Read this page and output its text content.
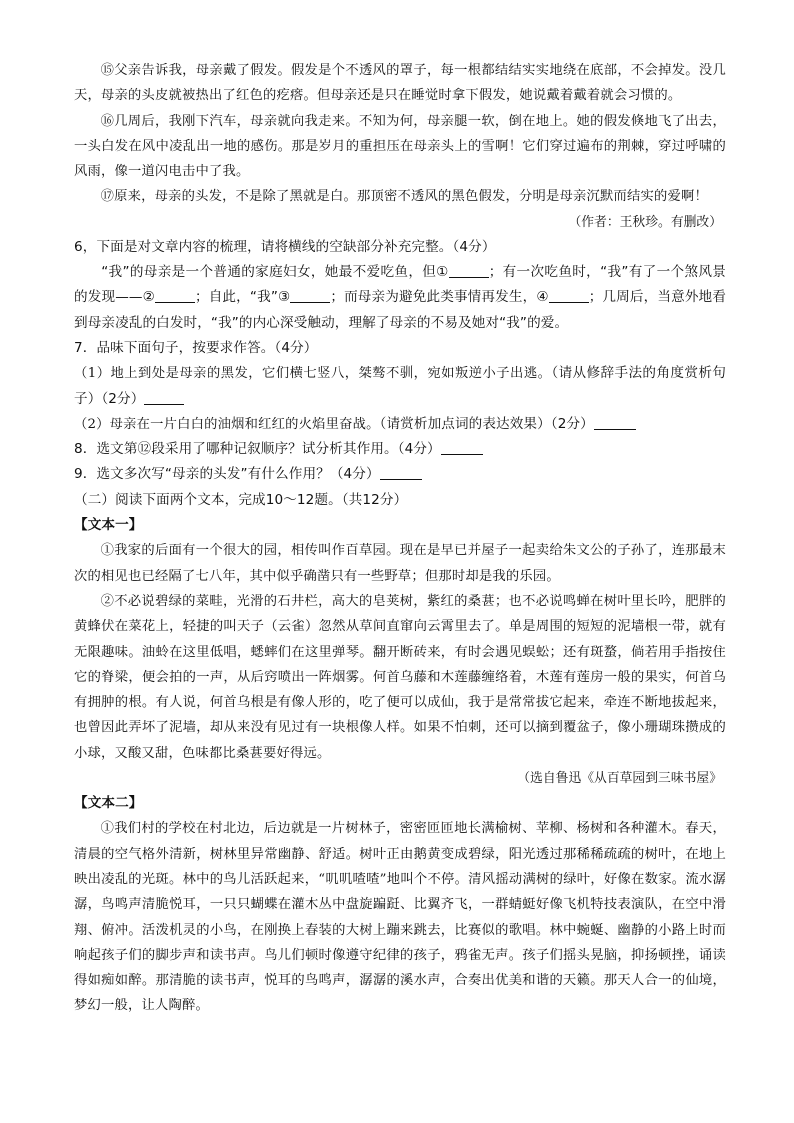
⑮父亲告诉我，母亲戴了假发。假发是个不透风的罩子，每一根都结结实实地绕在底部，不会掉发。没几天，母亲的头皮就被热出了红色的疙瘩。但母亲还是只在睡觉时拿下假发，她说戴着戴着就会习惯的。

⑯几周后，我刚下汽车，母亲就向我走来。不知为何，母亲腿一软，倒在地上。她的假发倏地飞了出去，一头白发在风中凌乱出一地的感伤。那是岁月的重担压在母亲头上的雪啊！它们穿过遍布的荆棘，穿过呼啸的风雨，像一道闪电击中了我。

⑰原来，母亲的头发，不是除了黑就是白。那顶密不透风的黑色假发，分明是母亲沉默而结实的爱啊！

（作者：王秋珍。有删改）

6，下面是对文章内容的梳理，请将横线的空缺部分补充完整。（4分）

“我”的母亲是一个普通的家庭妇女，她最不爱吃鱼，但①	；有一次吃鱼时，“我”有了一个煞风景的发现——②	；自此，“我”③	；而母亲为避免此类事情再发生，④	；几周后，当意外地看到母亲凌乱的白发时，“我”的内心深受触动，理解了母亲的不易及她对“我”的爱。

7．品味下面句子，按要求作答。（4分）

（1）地上到处是母亲的黑发，它们横七竖八，桀骜不驯，宛如叛逆小子出逃。（请从修辞手法的角度赏析句子）（2分）

（2）母亲在一片白白的油烟和红红的火焰里奋战。（请赏析加点词的表达效果）（2分）

8．选文第⑫段采用了哪种记叙顺序？试分析其作用。（4分）

9．选文多次写“母亲的头发”有什么作用？（4分）

（二）阅读下面两个文本，完成10～12题。（共12分）

【文本一】

①我家的后面有一个很大的园，相传叫作百草园。现在是早已并屋子一起卖给朱文公的子孙了，连那最末次的相见也已经隔了七八年，其中似乎确凿只有一些野草；但那时却是我的乐园。

②不必说碧绿的菜畦，光滑的石井栏，高大的皂荚树，紫红的桑葚；也不必说鸣蝉在树叶里长吟，肥胖的黄蜂伏在菜花上，轻捷的叫天子（云雀）忽然从草间直窜向云霄里去了。单是周围的短短的泥墙根一带，就有无限趣味。油蛉在这里低唱，蟋蟀们在这里弹琴。翻开断砖来，有时会遇见蜈蚣；还有斑蝥，倘若用手指按住它的脊梁，便会拍的一声，从后窍喷出一阵烟雾。何首乌藤和木莲藤缠络着，木莲有莲房一般的果实，何首乌有拥肿的根。有人说，何首乌根是有像人形的，吃了便可以成仙，我于是常常拔它起来，牵连不断地拔起来，也曾因此弄坏了泥墙，却从来没有见过有一块根像人样。如果不怕刺，还可以摘到覆盆子，像小珊瑚珠攒成的小球，又酸又甜，色味都比桑葚要好得远。

（选自鲁迅《从百草园到三味书屋》

【文本二】

①我们村的学校在村北边，后边就是一片树林子，密密匝匝地长满榆树、苹柳、杨树和各种灌木。春天，清晨的空气格外清新，树林里异常幽静、舒适。树叶正由鹅黄变成碧绿，阳光透过那稀稀疏疏的树叶，在地上映出凌乱的光斑。林中的鸟儿活跃起来，“叽叽喳喳”地叫个不停。清风摇动满树的绿叶，好像在数家。流水潺潺，鸟鸣声清脆悦耳，一只只蝴蝶在灌木丛中盘旋蹁跹、比翼齐飞，一群蜻蜓好像飞机特技表演队，在空中滑翔、俯冲。活泼机灵的小鸟，在刚换上春装的大树上蹦来跳去，比赛似的歌唱。林中蜿蜒、幽静的小路上时而响起孩子们的脚步声和读书声。鸟儿们顿时像遵守纪律的孩子，鸦雀无声。孩子们摇头晃脑，抑扬顿挫，诵读得如痴如醉。那清脆的读书声，悦耳的鸟鸣声，潺潺的溪水声，合奏出优美和谐的天籁。那天人合一的仙境，梦幻一般，让人陶醉。
